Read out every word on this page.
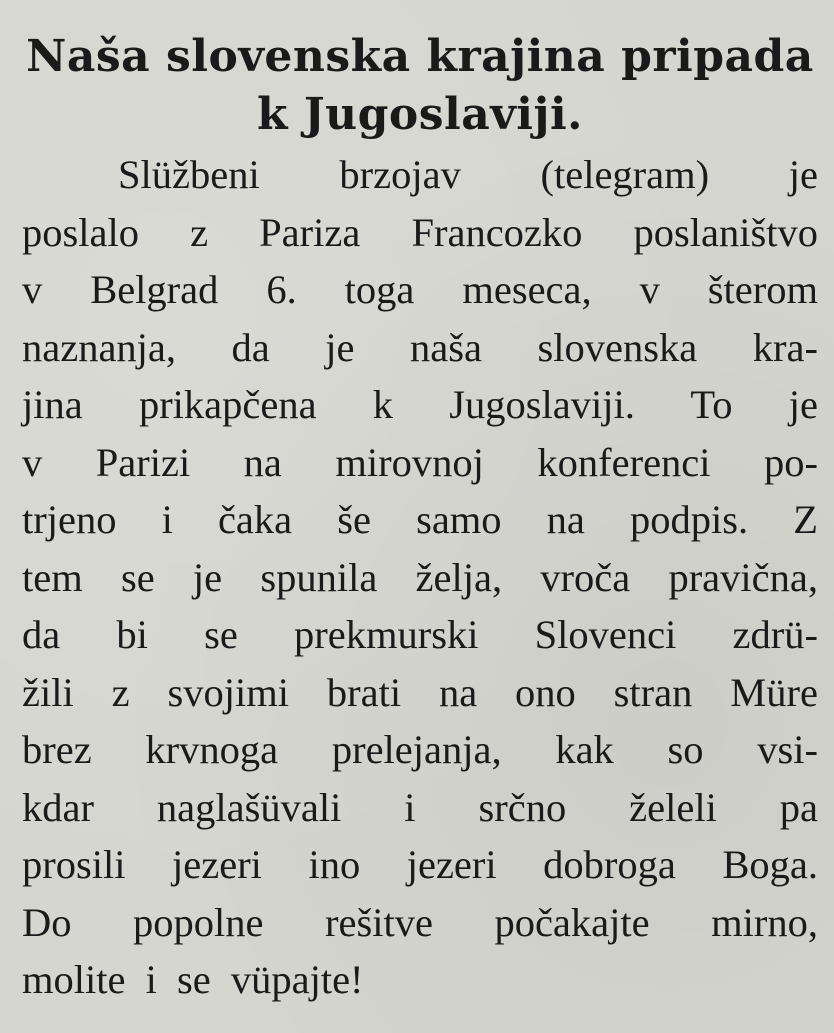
Naša slovenska krajina pripada
k Jugoslaviji.
Slüžbeni brzojav (telegram) je
poslalo z Pariza Francozko poslaništvo
v Belgrad 6. toga meseca, v šterom
naznanja, da je naša slovenska kra-
jina prikapčena k Jugoslaviji. To je
v Parizi na mirovnoj konferenci po-
trjeno i čaka še samo na podpis. Z
tem se je spunila želja, vroča pravična,
da bi se prekmurski Slovenci zdrü-
žili z svojimi brati na ono stran Müre
brez krvnoga prelejanja, kak so vsi-
kdar naglašüvali i srčno želeli pa
prosili jezeri ino jezeri dobroga Boga.
Do popolne rešitve počakajte mirno,
molite i se vüpajte!
